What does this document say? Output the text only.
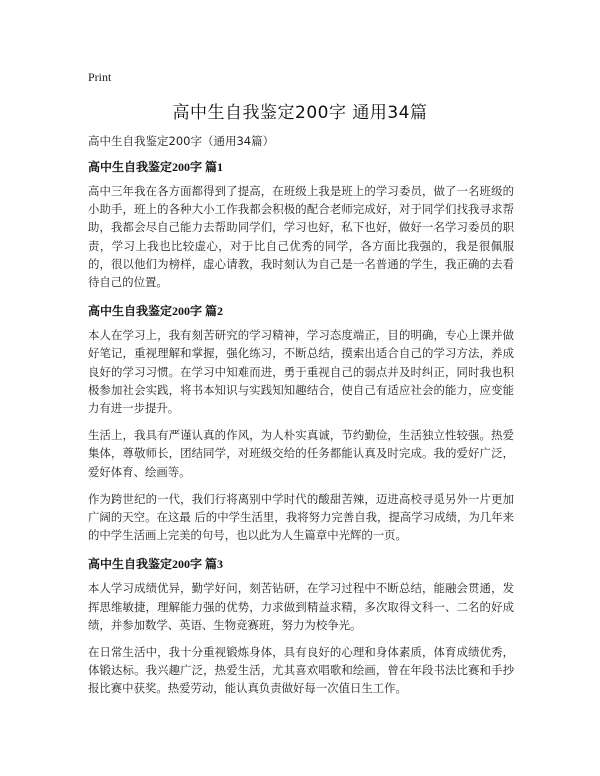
Print
高中生自我鉴定200字 通用34篇
高中生自我鉴定200字（通用34篇）
高中生自我鉴定200字 篇1

高中三年我在各方面都得到了提高，在班级上我是班上的学习委员，做了一名班级的小助手，班上的各种大小工作我都会积极的配合老师完成好，对于同学们找我寻求帮助，我都会尽自己能力去帮助同学们，学习也好，私下也好，做好一名学习委员的职责，学习上我也比较虚心，对于比自己优秀的同学，各方面比我强的，我是很佩服的，很以他们为榜样，虚心请教，我时刻认为自己是一名普通的学生，我正确的去看待自己的位置。

高中生自我鉴定200字 篇2

本人在学习上，我有刻苦研究的学习精神，学习态度端正，目的明确，专心上课并做好笔记，重视理解和掌握，强化练习，不断总结，摸索出适合自己的学习方法，养成良好的学习习惯。在学习中知难而进，勇于重视自己的弱点并及时纠正，同时我也积极参加社会实践，将书本知识与实践知知趣结合，使自己有适应社会的能力，应变能力有进一步提升。

生活上，我具有严谨认真的作风，为人朴实真诚，节约勤俭，生活独立性较强。热爱集体，尊敬师长，团结同学，对班级交给的任务都能认真及时完成。我的爱好广泛，爱好体育、绘画等。

作为跨世纪的一代，我们行将离别中学时代的酸甜苦辣，迈进高校寻觅另外一片更加广阔的天空。在这最 后的中学生活里，我将努力完善自我，提高学习成绩，为几年来的中学生活画上完美的句号，也以此为人生篇章中光辉的一页。

高中生自我鉴定200字 篇3

本人学习成绩优异，勤学好问，刻苦钻研，在学习过程中不断总结，能融会贯通，发挥思维敏捷，理解能力强的优势，力求做到精益求精，多次取得文科一、二名的好成绩，并参加数学、英语、生物竞赛班，努力为校争光。

在日常生活中，我十分重视锻炼身体，具有良好的心理和身体素质，体育成绩优秀，体锻达标。我兴趣广泛，热爱生活，尤其喜欢唱歌和绘画，曾在年段书法比赛和手抄报比赛中获奖。热爱劳动，能认真负责做好每一次值日生工作。
